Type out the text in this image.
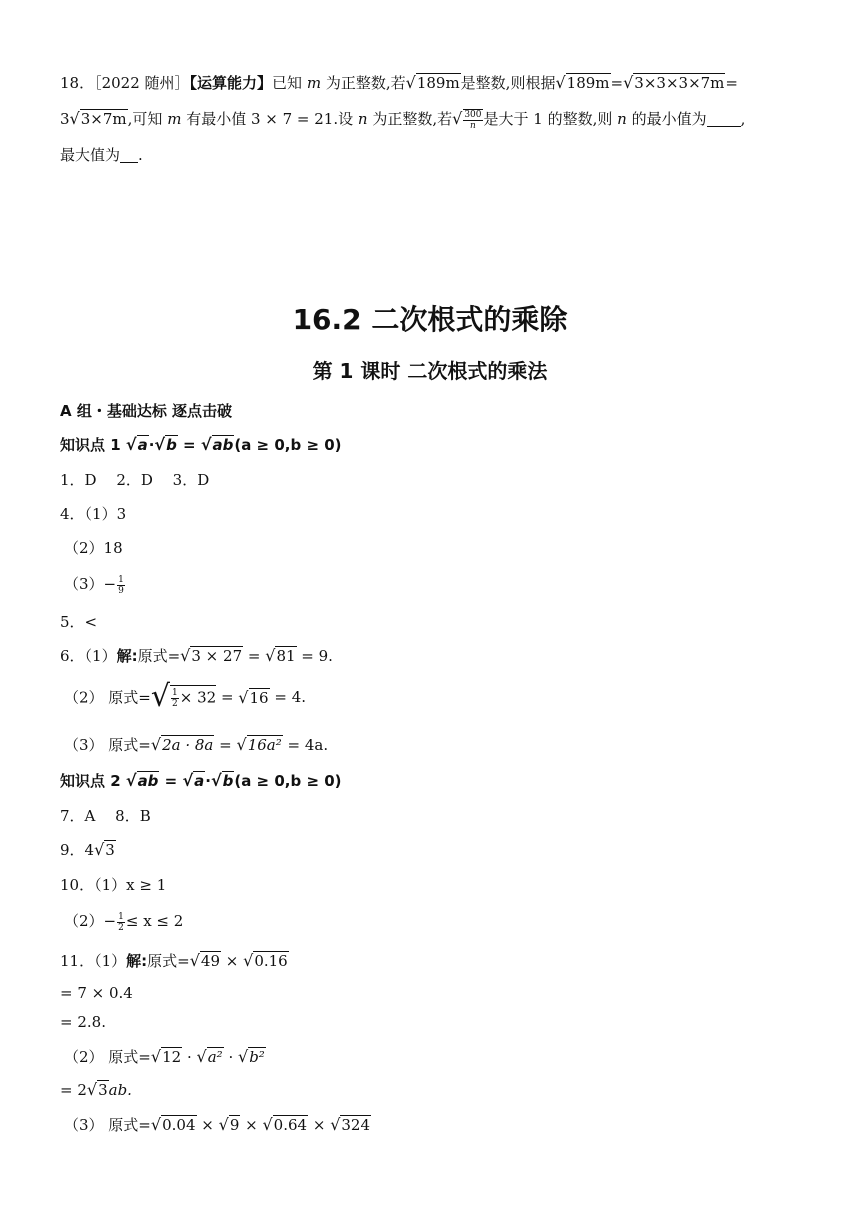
18．［2022 随州］【运算能力】已知 m 为正整数,若√189m是整数,则根据√189m=√3×3×3×7m=
3√3×7m,可知 m 有最小值 3 × 7 = 21.设 n 为正整数,若√ $\frac{300}{n}$ 是大于 1 的整数,则 n 的最小值为 ,
最大值为 .
16.2 二次根式的乘除
第 1 课时 二次根式的乘法
A 组・基础达标 逐点击破
知识点 1 √a·√b = √ab(a ≥ 0,b ≥ 0)
1．D　 2．D　 3．D
4．（1）3
（2）18
$(3)- \frac{1}{9}$
5．<
6．（1）解:原式=√3 × 27 = √81 = 9.
（2） 原式=√ $\frac{1}{2} \times 32 = √16 = 4$.
（3） 原式=√2a · 8a = √16a² = 4a.
知识点 2 √ab = √a·√b(a ≥ 0,b ≥ 0)
7．A　 8．B
9．4√3
10．（1）x ≥ 1
$(2)- \frac{1}{2} \le x \le 2$
11．（1）解:原式=√49 × √0.16
= 7 × 0.4
= 2.8.
（2） 原式=√12 · √a² · √b²
= 2√3ab.
（3） 原式=√0.04 × √9 × √0.64 × √324
